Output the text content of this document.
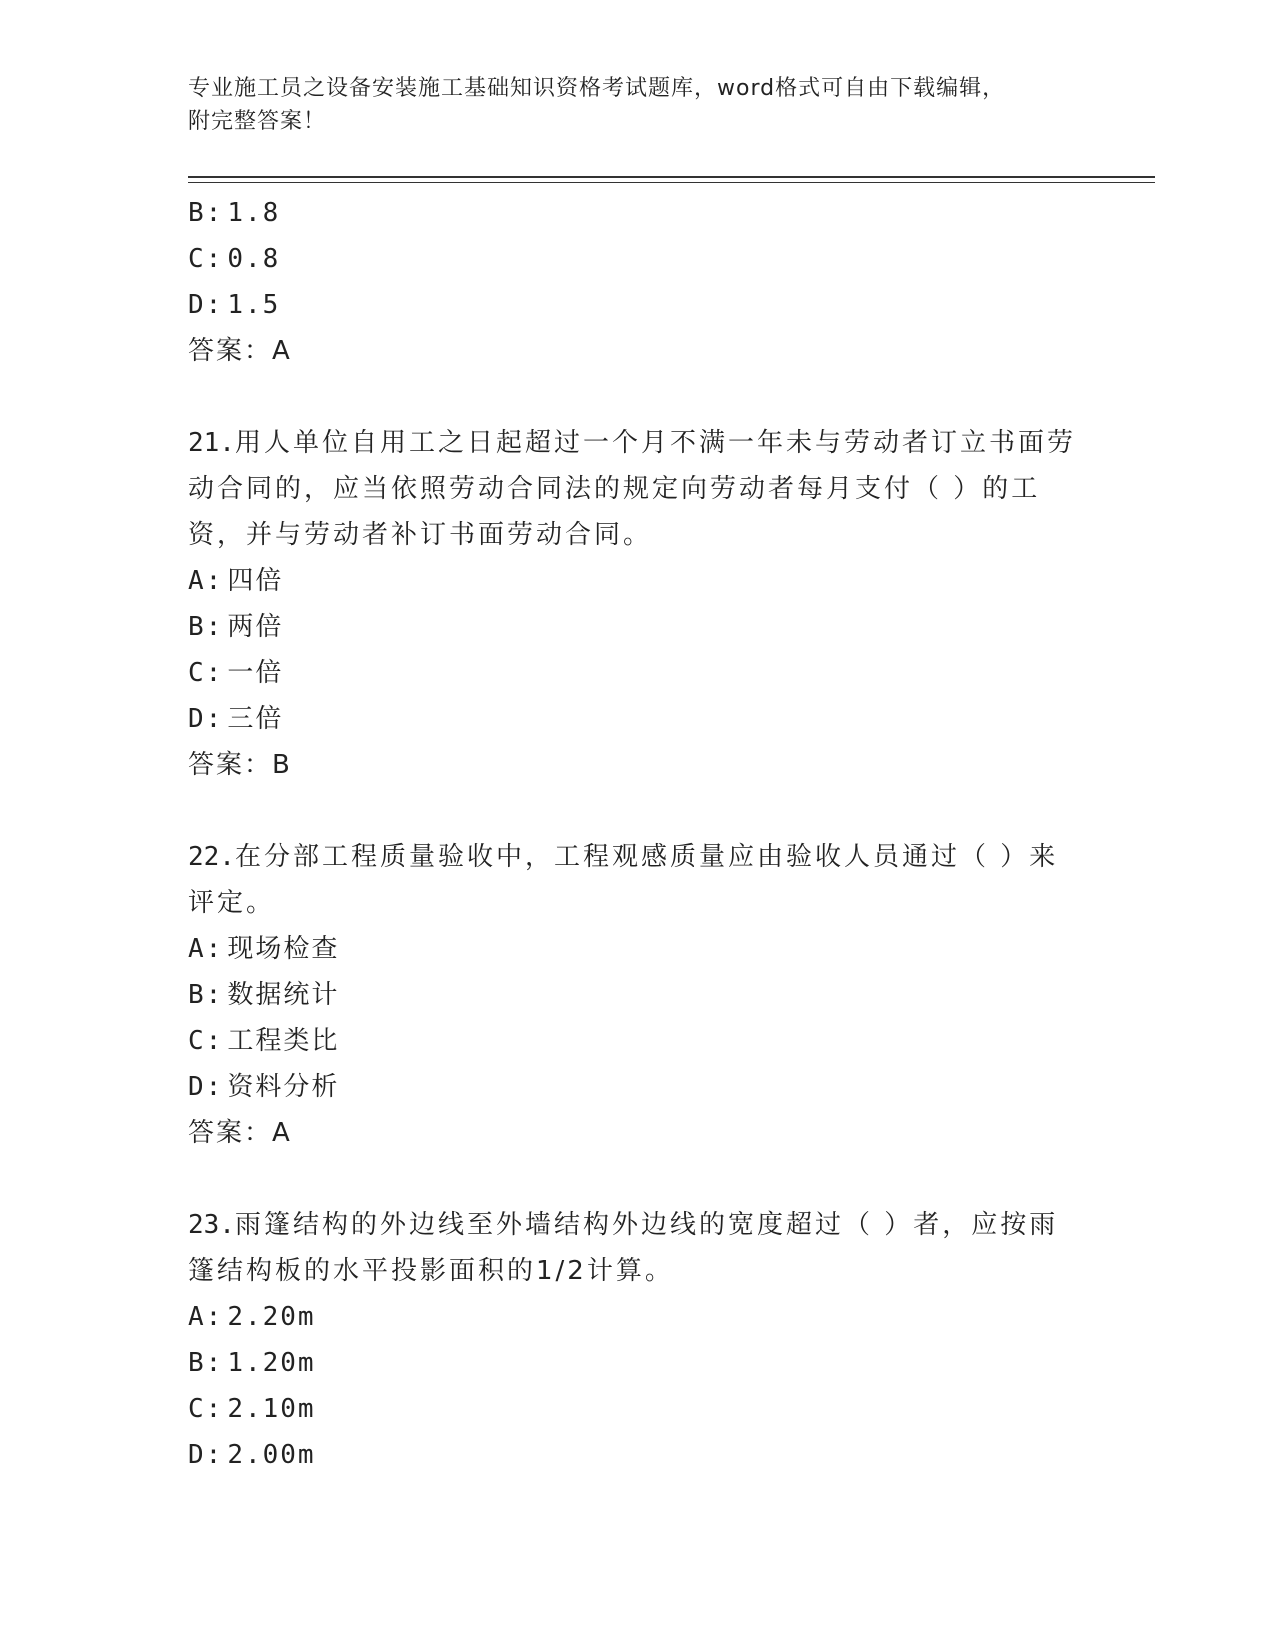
专业施工员之设备安装施工基础知识资格考试题库，word格式可自由下载编辑，
附完整答案！
B: 1.8
C: 0.8
D: 1.5
答案：A
21.用人单位自用工之日起超过一个月不满一年未与劳动者订立书面劳动合同的，应当依照劳动合同法的规定向劳动者每月支付（ ）的工资，并与劳动者补订书面劳动合同。
A: 四倍
B: 两倍
C: 一倍
D: 三倍
答案：B
22.在分部工程质量验收中，工程观感质量应由验收人员通过（ ）来评定。
A: 现场检查
B: 数据统计
C: 工程类比
D: 资料分析
答案：A
23.雨篷结构的外边线至外墙结构外边线的宽度超过（ ）者，应按雨篷结构板的水平投影面积的1/2计算。
A: 2.20m
B: 1.20m
C: 2.10m
D: 2.00m
